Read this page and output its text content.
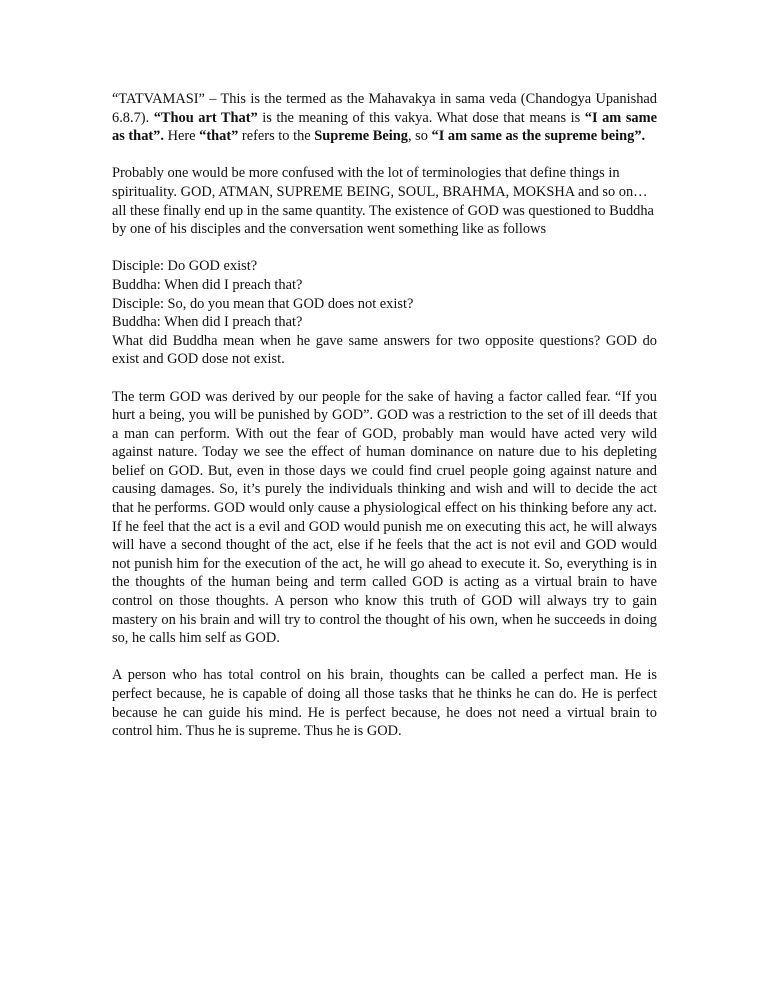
“TATVAMASI” – This is the termed as the Mahavakya in sama veda (Chandogya Upanishad 6.8.7). “Thou art That” is the meaning of this vakya. What dose that means is “I am same as that”. Here “that” refers to the Supreme Being, so “I am same as the supreme being”.

Probably one would be more confused with the lot of terminologies that define things in spirituality. GOD, ATMAN, SUPREME BEING, SOUL, BRAHMA, MOKSHA and so on… all these finally end up in the same quantity. The existence of GOD was questioned to Buddha by one of his disciples and the conversation went something like as follows

Disciple: Do GOD exist?
Buddha: When did I preach that?
Disciple: So, do you mean that GOD does not exist?
Buddha: When did I preach that?
What did Buddha mean when he gave same answers for two opposite questions? GOD do exist and GOD dose not exist.

The term GOD was derived by our people for the sake of having a factor called fear. “If you hurt a being, you will be punished by GOD”. GOD was a restriction to the set of ill deeds that a man can perform. With out the fear of GOD, probably man would have acted very wild against nature. Today we see the effect of human dominance on nature due to his depleting belief on GOD. But, even in those days we could find cruel people going against nature and causing damages. So, it’s purely the individuals thinking and wish and will to decide the act that he performs. GOD would only cause a physiological effect on his thinking before any act. If he feel that the act is a evil and GOD would punish me on executing this act, he will always will have a second thought of the act, else if he feels that the act is not evil and GOD would not punish him for the execution of the act, he will go ahead to execute it. So, everything is in the thoughts of the human being and term called GOD is acting as a virtual brain to have control on those thoughts. A person who know this truth of GOD will always try to gain mastery on his brain and will try to control the thought of his own, when he succeeds in doing so, he calls him self as GOD.

A person who has total control on his brain, thoughts can be called a perfect man. He is perfect because, he is capable of doing all those tasks that he thinks he can do. He is perfect because he can guide his mind. He is perfect because, he does not need a virtual brain to control him. Thus he is supreme. Thus he is GOD.
